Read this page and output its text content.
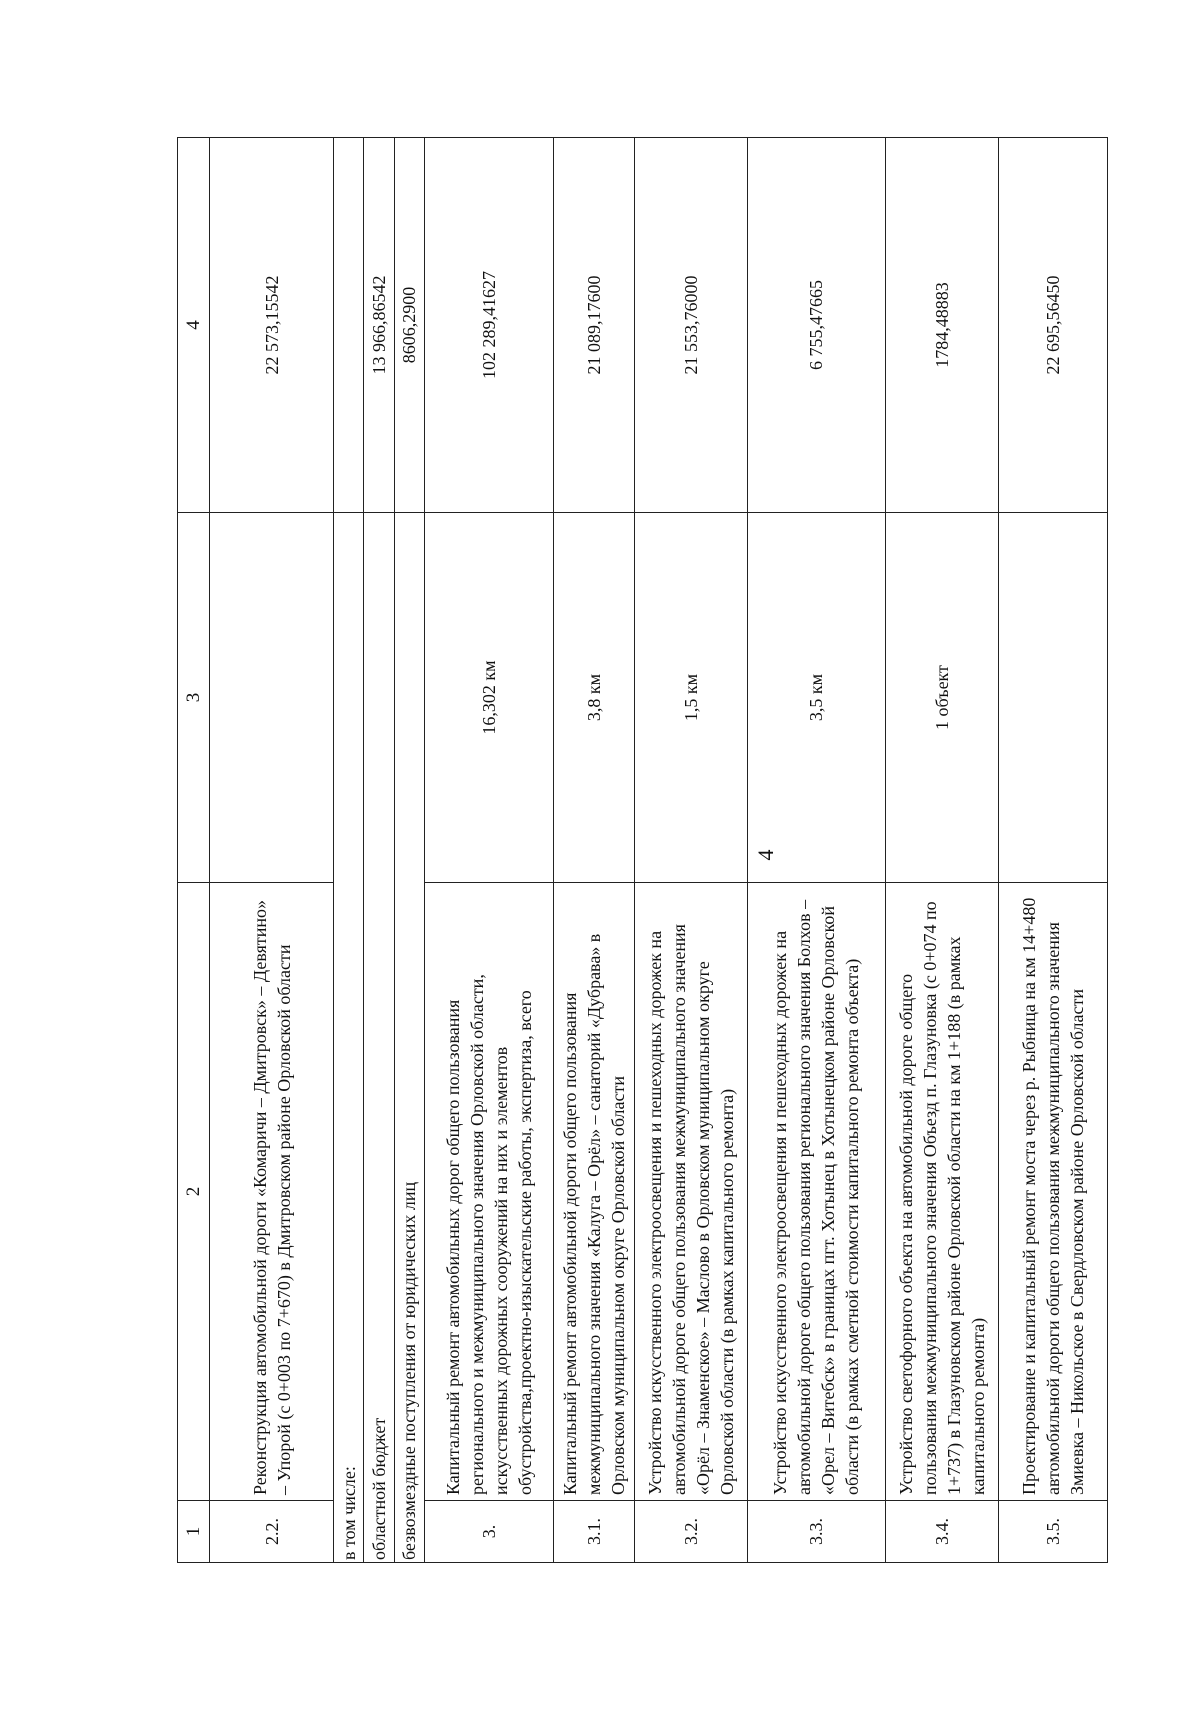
4
1	2	3	4
2.2.	Реконструкция автомобильной дороги «Комаричи – Дмитровск» – Девятино» – Упорой (с 0+003 по 7+670) в Дмитровском районе Орловской области		22 573,15542
в том числе:			
областной бюджет			13 966,86542
безвозмездные поступления от юридических лиц			8606,2900
3.	Капитальный ремонт автомобильных дорог общего пользования регионального и межмуниципального значения Орловской области, искусственных дорожных сооружений на них и элементов обустройства,проектно-изыскательские работы, экспертиза, всего	16,302 км	102 289,41627
3.1.	Капитальный ремонт автомобильной дороги общего пользования межмуниципального значения «Калуга – Орёл» – санаторий «Дубрава» в Орловском муниципальном округе Орловской области	3,8 км	21 089,17600
3.2.	Устройство искусственного электроосвещения и пешеходных дорожек на автомобильной дороге общего пользования межмуниципального значения «Орёл – Знаменское» – Маслово в Орловском муниципальном округе Орловской области (в рамках капитального ремонта)	1,5 км	21 553,76000
3.3.	Устройство искусственного электроосвещения и пешеходных дорожек на автомобильной дороге общего пользования регионального значения Болхов – «Орел – Витебск» в границах пгт. Хотынец в Хотынецком районе Орловской области (в рамках сметной стоимости капитального ремонта объекта)	3,5 км	6 755,47665
3.4.	Устройство светофорного объекта на автомобильной дороге общего пользования межмуниципального значения Объезд п. Глазуновка (с 0+074 по 1+737) в Глазуновском районе Орловской области на км 1+188 (в рамках капитального ремонта)	1 объект	1784,48883
3.5.	Проектирование и капитальный ремонт моста через р. Рыбница на км 14+480 автомобильной дороги общего пользования межмуниципального значения Змиевка – Никольское в Свердловском районе Орловской области		22 695,56450
